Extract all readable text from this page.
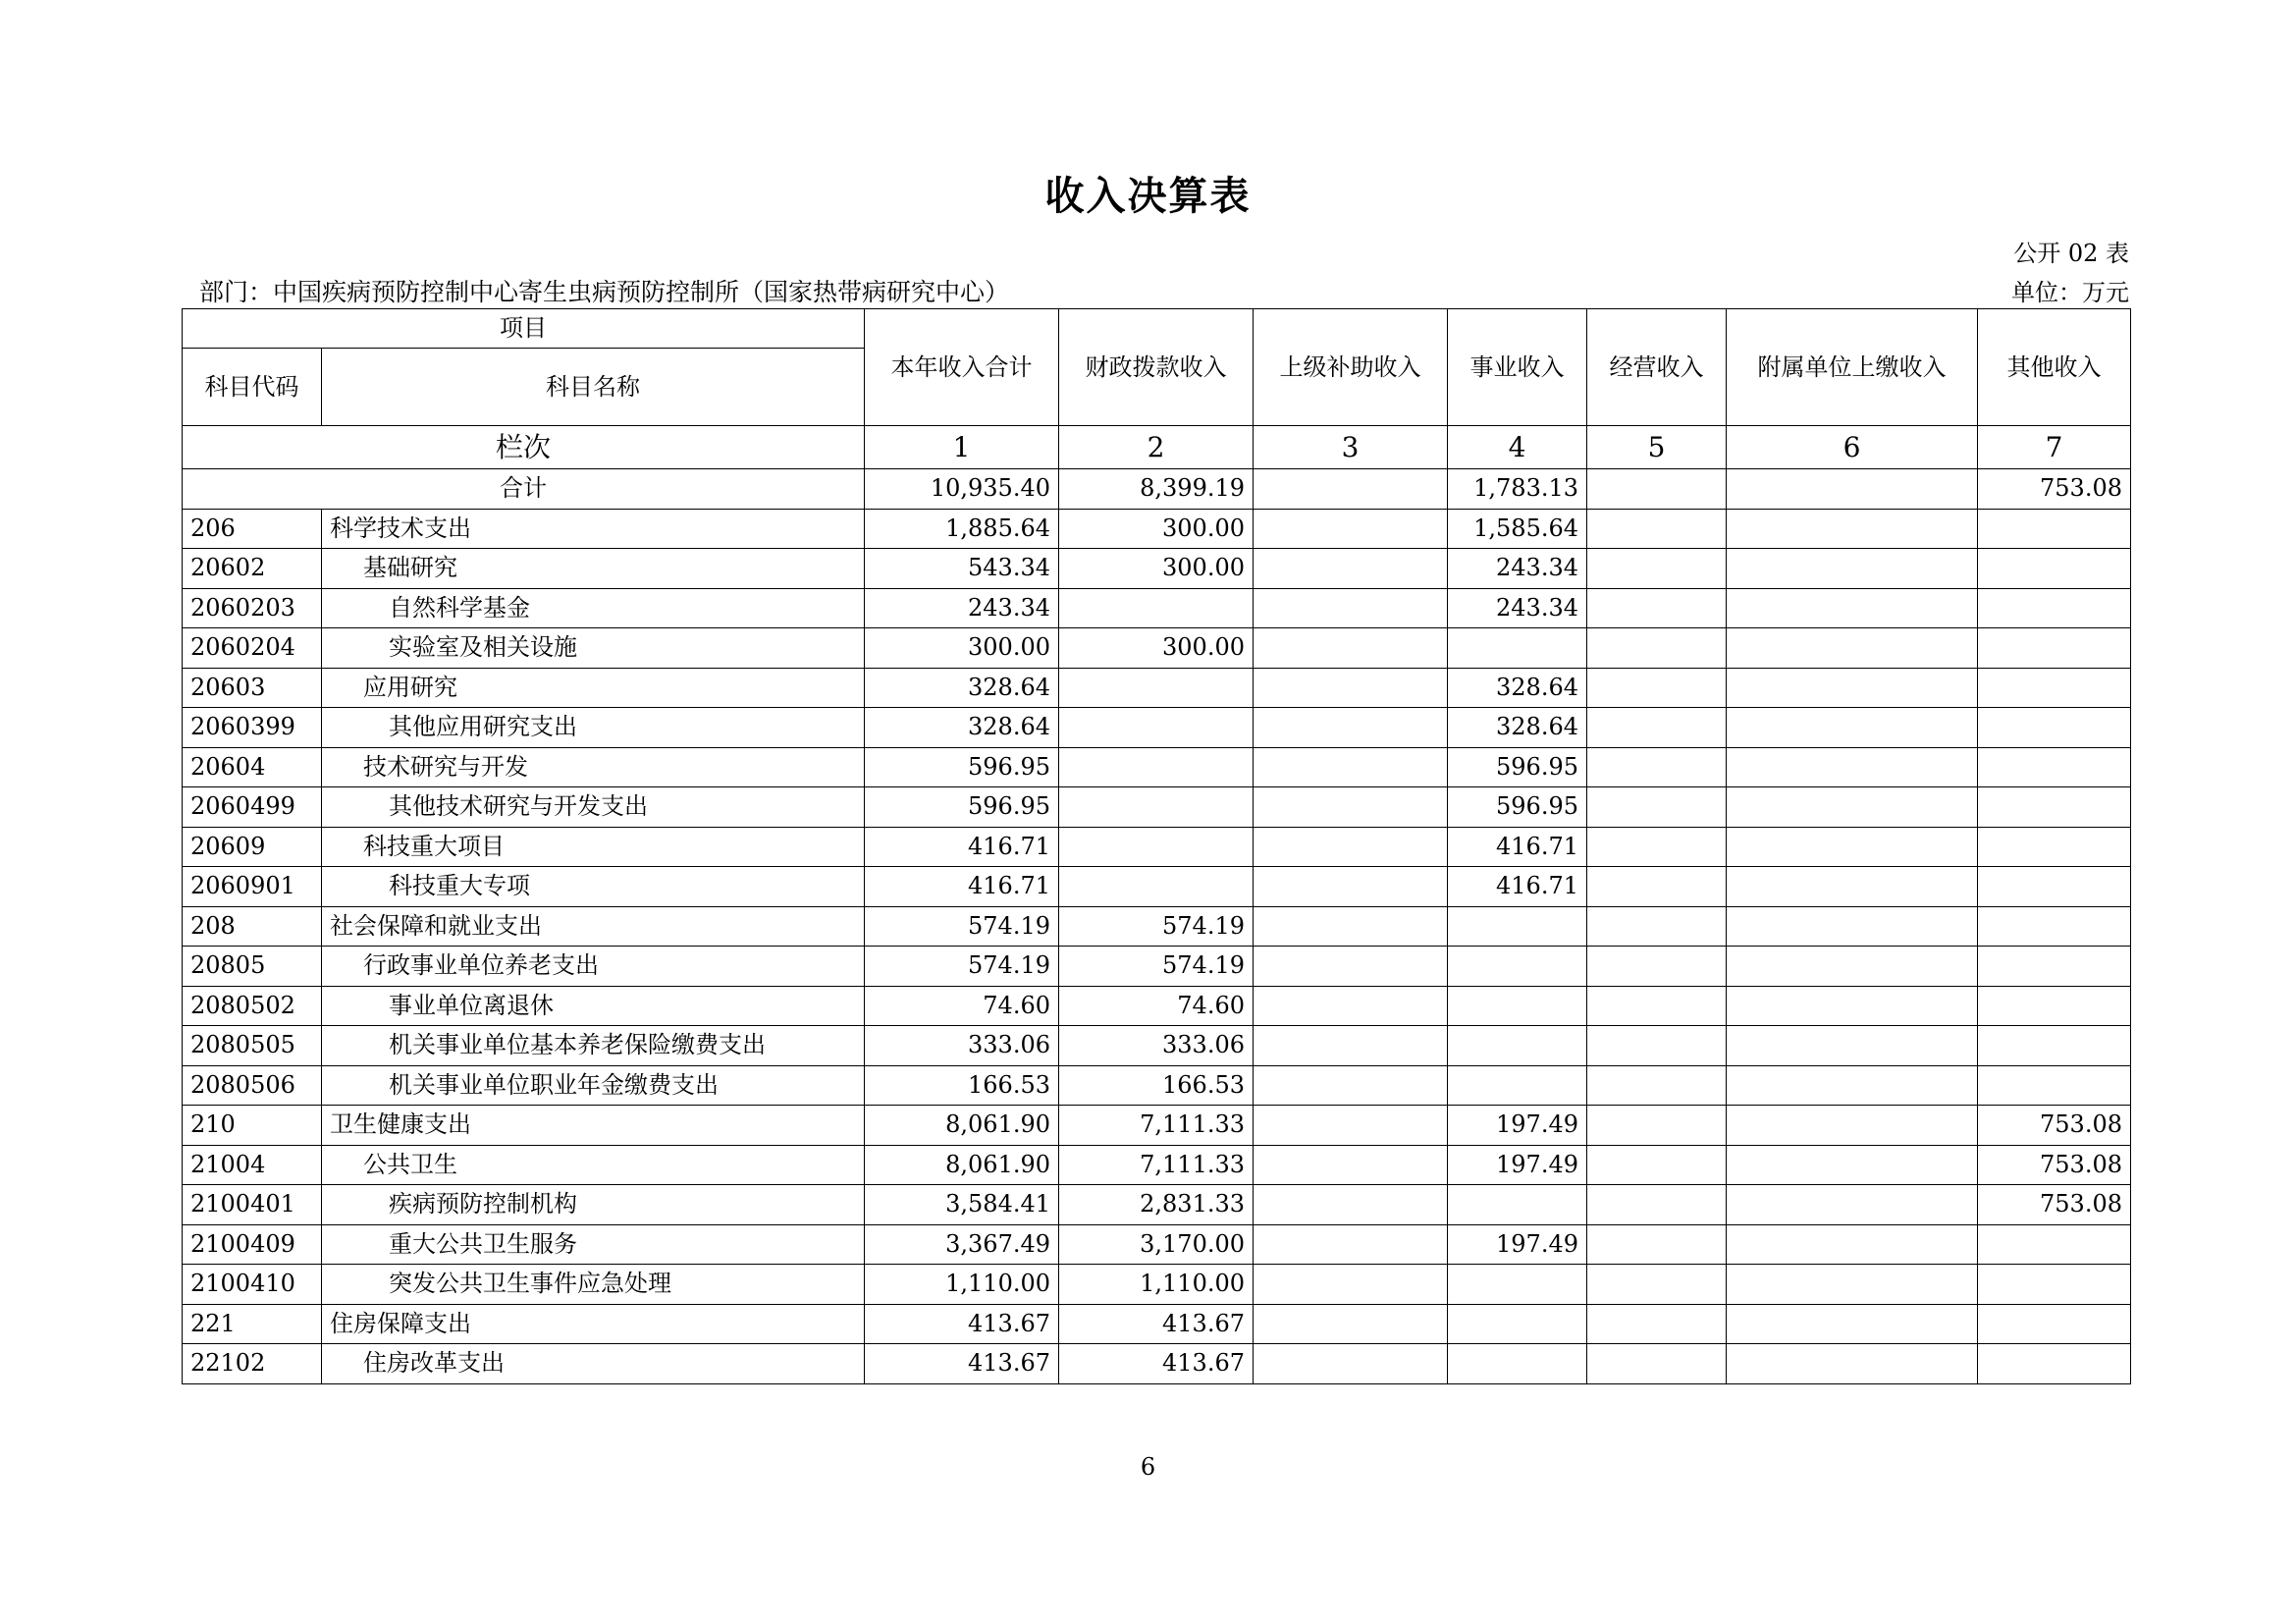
收入决算表
公开 02 表
部门：中国疾病预防控制中心寄生虫病预防控制所（国家热带病研究中心）	单位：万元
项目		本年收入合计	财政拨款收入	上级补助收入	事业收入	经营收入	附属单位上缴收入	其他收入
科目代码	科目名称							
栏次		1	2	3	4	5	6	7
合计		10,935.40	8,399.19		1,783.13			753.08
206	科学技术支出	1,885.64	300.00		1,585.64			
20602	基础研究	543.34	300.00		243.34			
2060203	自然科学基金	243.34			243.34			
2060204	实验室及相关设施	300.00	300.00					
20603	应用研究	328.64			328.64			
2060399	其他应用研究支出	328.64			328.64			
20604	技术研究与开发	596.95			596.95			
2060499	其他技术研究与开发支出	596.95			596.95			
20609	科技重大项目	416.71			416.71			
2060901	科技重大专项	416.71			416.71			
208	社会保障和就业支出	574.19	574.19					
20805	行政事业单位养老支出	574.19	574.19					
2080502	事业单位离退休	74.60	74.60					
2080505	机关事业单位基本养老保险缴费支出	333.06	333.06					
2080506	机关事业单位职业年金缴费支出	166.53	166.53					
210	卫生健康支出	8,061.90	7,111.33		197.49			753.08
21004	公共卫生	8,061.90	7,111.33		197.49			753.08
2100401	疾病预防控制机构	3,584.41	2,831.33					753.08
2100409	重大公共卫生服务	3,367.49	3,170.00		197.49			
2100410	突发公共卫生事件应急处理	1,110.00	1,110.00					
221	住房保障支出	413.67	413.67					
22102	住房改革支出	413.67	413.67					
6
